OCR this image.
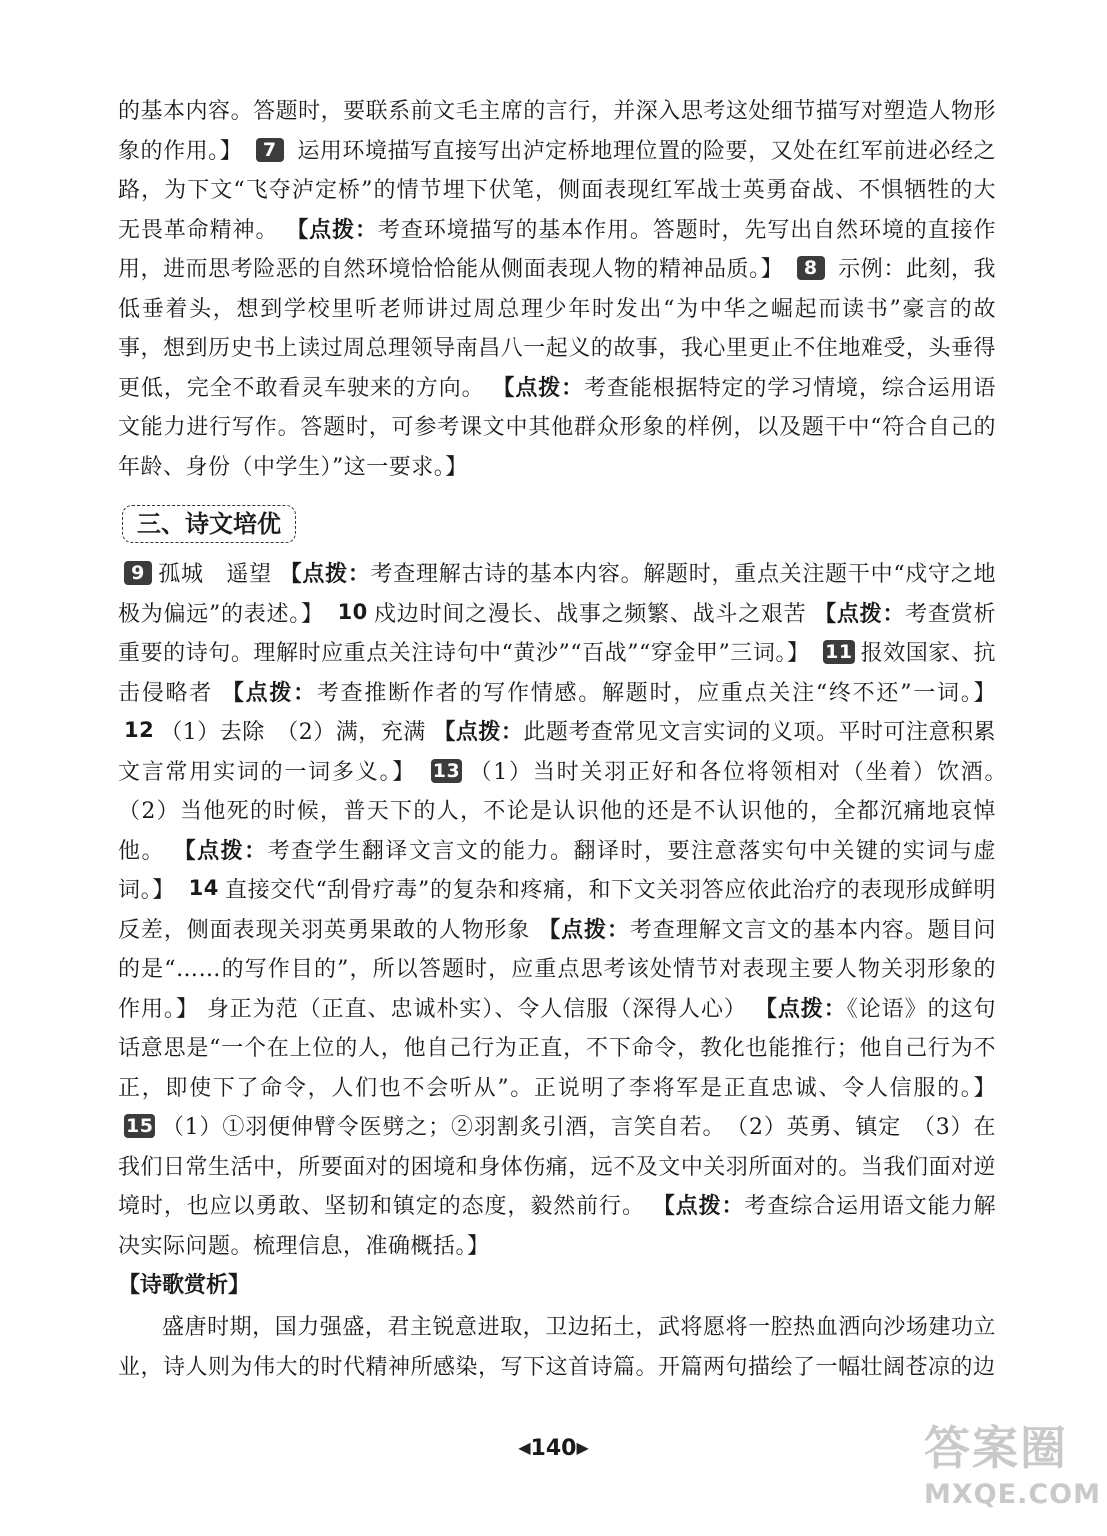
的基本内容。答题时，要联系前文毛主席的言行，并深入思考这处细节描写对塑造人物形象的作用。】 7 运用环境描写直接写出泸定桥地理位置的险要，又处在红军前进必经之路，为下文“飞夺泸定桥”的情节埋下伏笔，侧面表现红军战士英勇奋战、不惧牺牲的大无畏革命精神。 【点拨：考查环境描写的基本作用。答题时，先写出自然环境的直接作用，进而思考险恶的自然环境恰恰能从侧面表现人物的精神品质。】 8 示例：此刻，我低垂着头，想到学校里听老师讲过周总理少年时发出“为中华之崛起而读书”豪言的故事，想到历史书上读过周总理领导南昌八一起义的故事，我心里更止不住地难受，头垂得更低，完全不敢看灵车驶来的方向。 【点拨：考查能根据特定的学习情境，综合运用语文能力进行写作。答题时，可参考课文中其他群众形象的样例，以及题干中“符合自己的年龄、身份（中学生）”这一要求。】

三、诗文培优

9 孤城　遥望 【点拨：考查理解古诗的基本内容。解题时，重点关注题干中“戍守之地极为偏远”的表述。】 10 戍边时间之漫长、战事之频繁、战斗之艰苦 【点拨：考查赏析重要的诗句。理解时应重点关注诗句中“黄沙”“百战”“穿金甲”三词。】 11 报效国家、抗击侵略者 【点拨：考查推断作者的写作情感。解题时，应重点关注“终不还”一词。】 12 （1）去除　（2）满，充满 【点拨：此题考查常见文言实词的义项。平时可注意积累文言常用实词的一词多义。】 13 （1）当时关羽正好和各位将领相对（坐着）饮酒。　（2）当他死的时候，普天下的人，不论是认识他的还是不认识他的，全都沉痛地哀悼他。 【点拨：考查学生翻译文言文的能力。翻译时，要注意落实句中关键的实词与虚词。】 14 直接交代“刮骨疗毒”的复杂和疼痛，和下文关羽答应依此治疗的表现形成鲜明反差，侧面表现关羽英勇果敢的人物形象 【点拨：考查理解文言文的基本内容。题目问的是“……的写作目的”，所以答题时，应重点思考该处情节对表现主要人物关羽形象的作用。】 身正为范（正直、忠诚朴实）、令人信服（深得人心） 【点拨：《论语》的这句话意思是“一个在上位的人，他自己行为正直，不下命令，教化也能推行；他自己行为不正，即使下了命令，人们也不会听从”。正说明了李将军是正直忠诚、令人信服的。】 15 （1）①羽便伸臂令医劈之；②羽割炙引酒，言笑自若。　（2）英勇、镇定　（3）在我们日常生活中，所要面对的困境和身体伤痛，远不及文中关羽所面对的。当我们面对逆境时，也应以勇敢、坚韧和镇定的态度，毅然前行。 【点拨：考查综合运用语文能力解决实际问题。梳理信息，准确概括。】

【诗歌赏析】

盛唐时期，国力强盛，君主锐意进取，卫边拓土，武将愿将一腔热血洒向沙场建功立业，诗人则为伟大的时代精神所感染，写下这首诗篇。开篇两句描绘了一幅壮阔苍凉的边

◀140▶	答案圈
MXQE.COM
